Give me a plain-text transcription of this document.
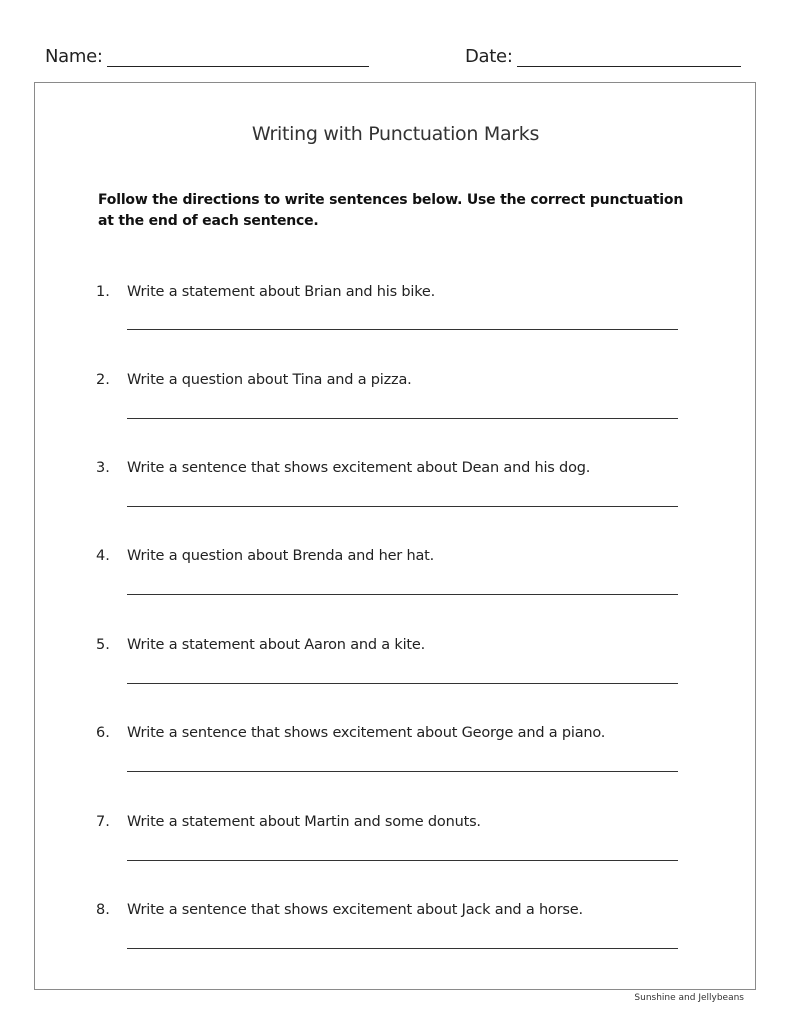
Name:	Date:
Writing with Punctuation Marks
Follow the directions to write sentences below. Use the correct punctuation at the end of each sentence.
1. Write a statement about Brian and his bike.
2. Write a question about Tina and a pizza.
3. Write a sentence that shows excitement about Dean and his dog.
4. Write a question about Brenda and her hat.
5. Write a statement about Aaron and a kite.
6. Write a sentence that shows excitement about George and a piano.
7. Write a statement about Martin and some donuts.
8. Write a sentence that shows excitement about Jack and a horse.
Sunshine and Jellybeans
